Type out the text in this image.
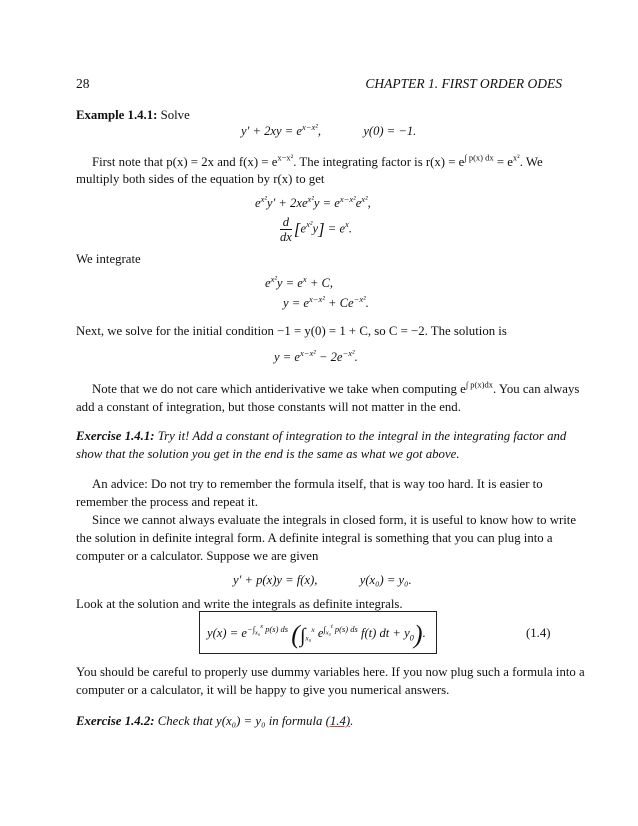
28	CHAPTER 1. FIRST ORDER ODES
Example 1.4.1: Solve
$y' + 2xy = e^{x-x^2}$,	y(0) = −1.
First note that p(x) = 2x and $f(x) = e^{x-x^2}$. The integrating factor is $r(x) = e^{\int p(x) dx} = e^{x^2}$. We
multiply both sides of the equation by r(x) to get
$e^{x^2}y' + 2xe^{x^2}y = e^{x-x^2}e^{x^2}$,
$\frac{d}{dx} [e^{x^2}y] = e^x$.
We integrate
$e^{x^2}y = e^x + C$,
$y = e^{x-x^2} + Ce^{-x^2}$.
Next, we solve for the initial condition −1 = y(0) = 1 + C, so C = −2. The solution is
$y = e^{x-x^2} - 2e^{-x^2}$.
Note that we do not care which antiderivative we take when computing $e^{\int p(x)dx}$. You can always
add a constant of integration, but those constants will not matter in the end.
Exercise 1.4.1: Try it! Add a constant of integration to the integral in the integrating factor and
show that the solution you get in the end is the same as what we got above.
An advice: Do not try to remember the formula itself, that is way too hard. It is easier to
remember the process and repeat it.
Since we cannot always evaluate the integrals in closed form, it is useful to know how to write
the solution in definite integral form. A definite integral is something that you can plug into a
computer or a calculator. Suppose we are given
y′ + p(x)y = f(x),	y(x₀) = y₀.
Look at the solution and write the integrals as definite integrals.
$y(x) = e^{-\int_{x_0}^x p(s) ds}$ ($\int_{x_0}^x$ $e^{\int_{x_0}^t p(s) ds}$ f(t) dt + $y_0$).	(1.4)
You should be careful to properly use dummy variables here. If you now plug such a formula into a
computer or a calculator, it will be happy to give you numerical answers.
Exercise 1.4.2: Check that y(x₀) = y₀ in formula (1.4).
